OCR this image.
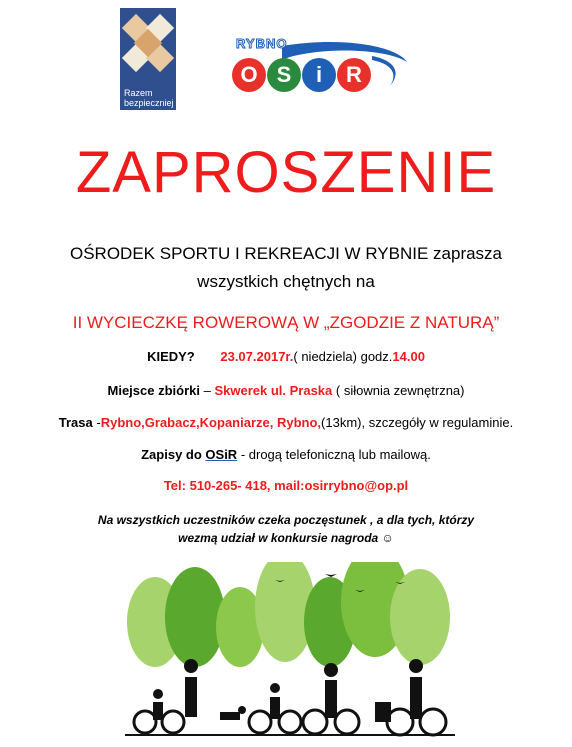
Razem
bezpieczniej
RYBNO
O S	i	R
ZAPROSZENIE
OŚRODEK SPORTU I REKREACJI W RYBNIE zaprasza
wszystkich chętnych na
II WYCIECZKĘ ROWEROWĄ W „ZGODZIE Z NATURĄ”
KIEDY? 23.07.2017r.( niedziela) godz.14.00
Miejsce zbiórki – Skwerek ul. Praska ( siłownia zewnętrzna)
Trasa -Rybno,Grabacz,Kopaniarze, Rybno,(13km), szczegóły w regulaminie.
Zapisy do OSiR - drogą telefoniczną lub mailową.
Tel: 510-265- 418, mail:osirrybno@op.pl
Na wszystkich uczestników czeka poczęstunek , a dla tych, którzy
wezmą udział w konkursie nagroda ☺
